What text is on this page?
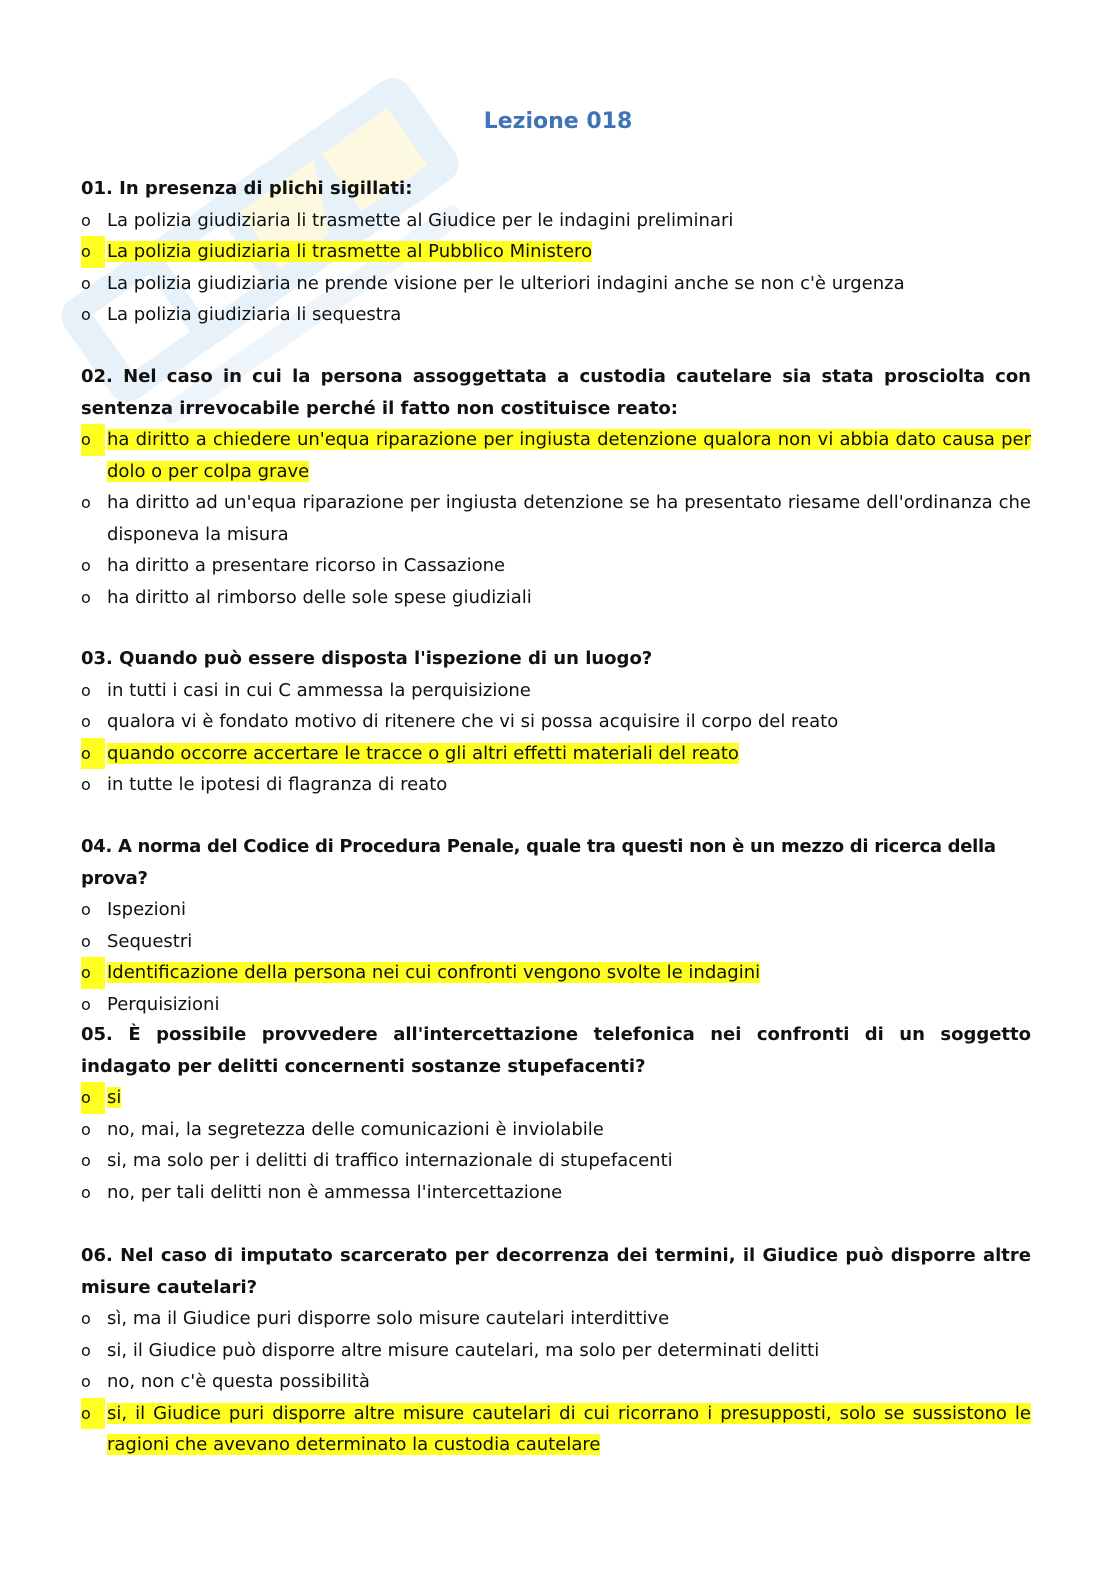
Lezione 018

01. In presenza di plichi sigillati:

o La polizia giudiziaria li trasmette al Giudice per le indagini preliminari
o La polizia giudiziaria li trasmette al Pubblico Ministero
o La polizia giudiziaria ne prende visione per le ulteriori indagini anche se non c'è urgenza
o La polizia giudiziaria li sequestra

02. Nel caso in cui la persona assoggettata a custodia cautelare sia stata prosciolta con sentenza irrevocabile perché il fatto non costituisce reato:

o ha diritto a chiedere un'equa riparazione per ingiusta detenzione qualora non vi abbia dato causa per dolo o per colpa grave
o ha diritto ad un'equa riparazione per ingiusta detenzione se ha presentato riesame dell'ordinanza che disponeva la misura
o ha diritto a presentare ricorso in Cassazione
o ha diritto al rimborso delle sole spese giudiziali

03. Quando può essere disposta l'ispezione di un luogo?

o in tutti i casi in cui C ammessa la perquisizione
o qualora vi è fondato motivo di ritenere che vi si possa acquisire il corpo del reato
o quando occorre accertare le tracce o gli altri effetti materiali del reato
o in tutte le ipotesi di flagranza di reato

04. A norma del Codice di Procedura Penale, quale tra questi non è un mezzo di ricerca della prova?

o Ispezioni
o Sequestri
o Identificazione della persona nei cui confronti vengono svolte le indagini
o Perquisizioni

05. È possibile provvedere all'intercettazione telefonica nei confronti di un soggetto indagato per delitti concernenti sostanze stupefacenti?

o si
o no, mai, la segretezza delle comunicazioni è inviolabile
o si, ma solo per i delitti di traffico internazionale di stupefacenti
o no, per tali delitti non è ammessa l'intercettazione

06. Nel caso di imputato scarcerato per decorrenza dei termini, il Giudice può disporre altre misure cautelari?

o sì, ma il Giudice puri disporre solo misure cautelari interdittive
o si, il Giudice può disporre altre misure cautelari, ma solo per determinati delitti
o no, non c'è questa possibilità
o si, il Giudice puri disporre altre misure cautelari di cui ricorrano i presupposti, solo se sussistono le ragioni che avevano determinato la custodia cautelare
